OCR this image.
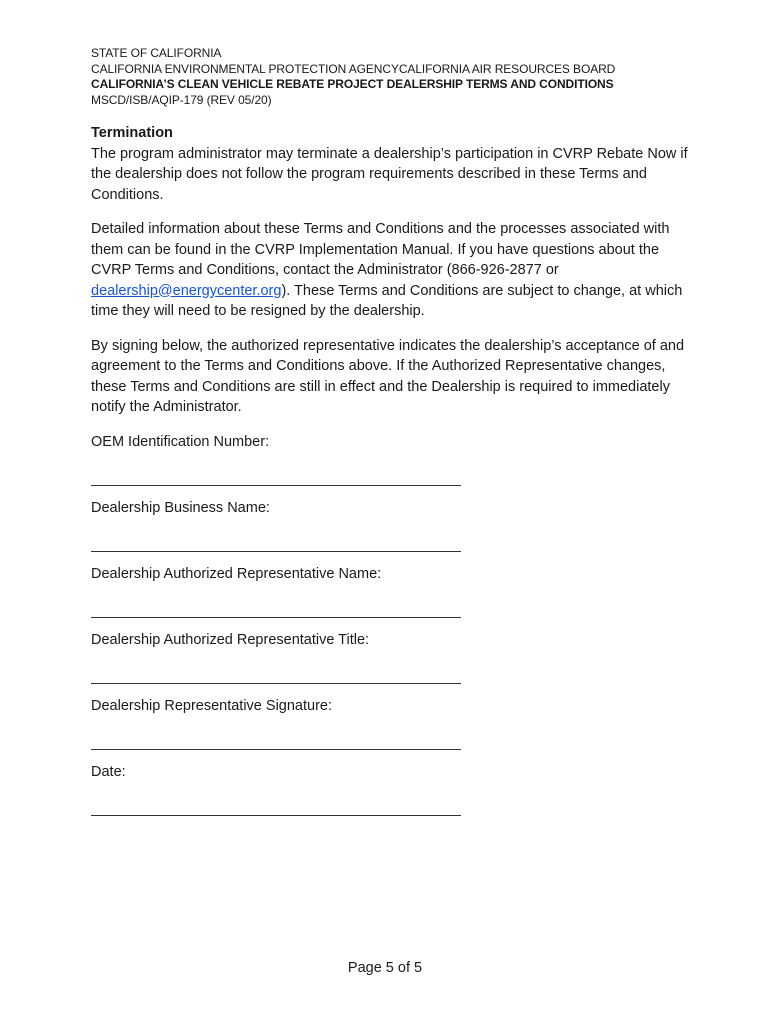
STATE OF CALIFORNIA
CALIFORNIA ENVIRONMENTAL PROTECTION AGENCYCALIFORNIA AIR RESOURCES BOARD
CALIFORNIA’S CLEAN VEHICLE REBATE PROJECT DEALERSHIP TERMS AND CONDITIONS
MSCD/ISB/AQIP-179 (REV 05/20)

Termination

The program administrator may terminate a dealership’s participation in CVRP Rebate Now if the dealership does not follow the program requirements described in these Terms and Conditions.

Detailed information about these Terms and Conditions and the processes associated with them can be found in the CVRP Implementation Manual. If you have questions about the CVRP Terms and Conditions, contact the Administrator (866-926-2877 or dealership@energycenter.org). These Terms and Conditions are subject to change, at which time they will need to be resigned by the dealership.

By signing below, the authorized representative indicates the dealership’s acceptance of and agreement to the Terms and Conditions above. If the Authorized Representative changes, these Terms and Conditions are still in effect and the Dealership is required to immediately notify the Administrator.

OEM Identification Number:

Dealership Business Name:

Dealership Authorized Representative Name:

Dealership Authorized Representative Title:

Dealership Representative Signature:

Date:

Page 5 of 5
